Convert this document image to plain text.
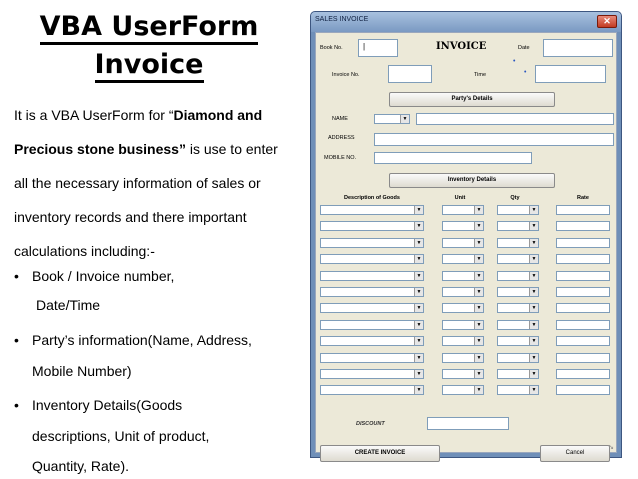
VBA UserForm
Invoice
It is a VBA UserForm for “Diamond and
Precious stone business” is use to enter
all the necessary information of sales or
inventory records and there important
calculations including:-
• Book / Invoice number,
Date/Time
• Party’s information(Name, Address,
Mobile Number)
• Inventory Details(Goods
descriptions, Unit of product,
Quantity, Rate).
SALES INVOICE	✕
Book No.	|	INVOICE	Date
•
Invoice No.	Time	•
Party's Details
NAME	▼
ADDRESS
MOBILE NO.
Inventory Details
Description of Goods	Unit	Qty	Rate
▼	▼	▼
▼	▼	▼
▼	▼	▼
▼	▼	▼
▼	▼	▼
▼	▼	▼
▼	▼	▼
▼	▼	▼
▼	▼	▼
▼	▼	▼
▼	▼	▼
▼	▼	▼
DISCOUNT
CREATE INVOICE	Cancel
↘
